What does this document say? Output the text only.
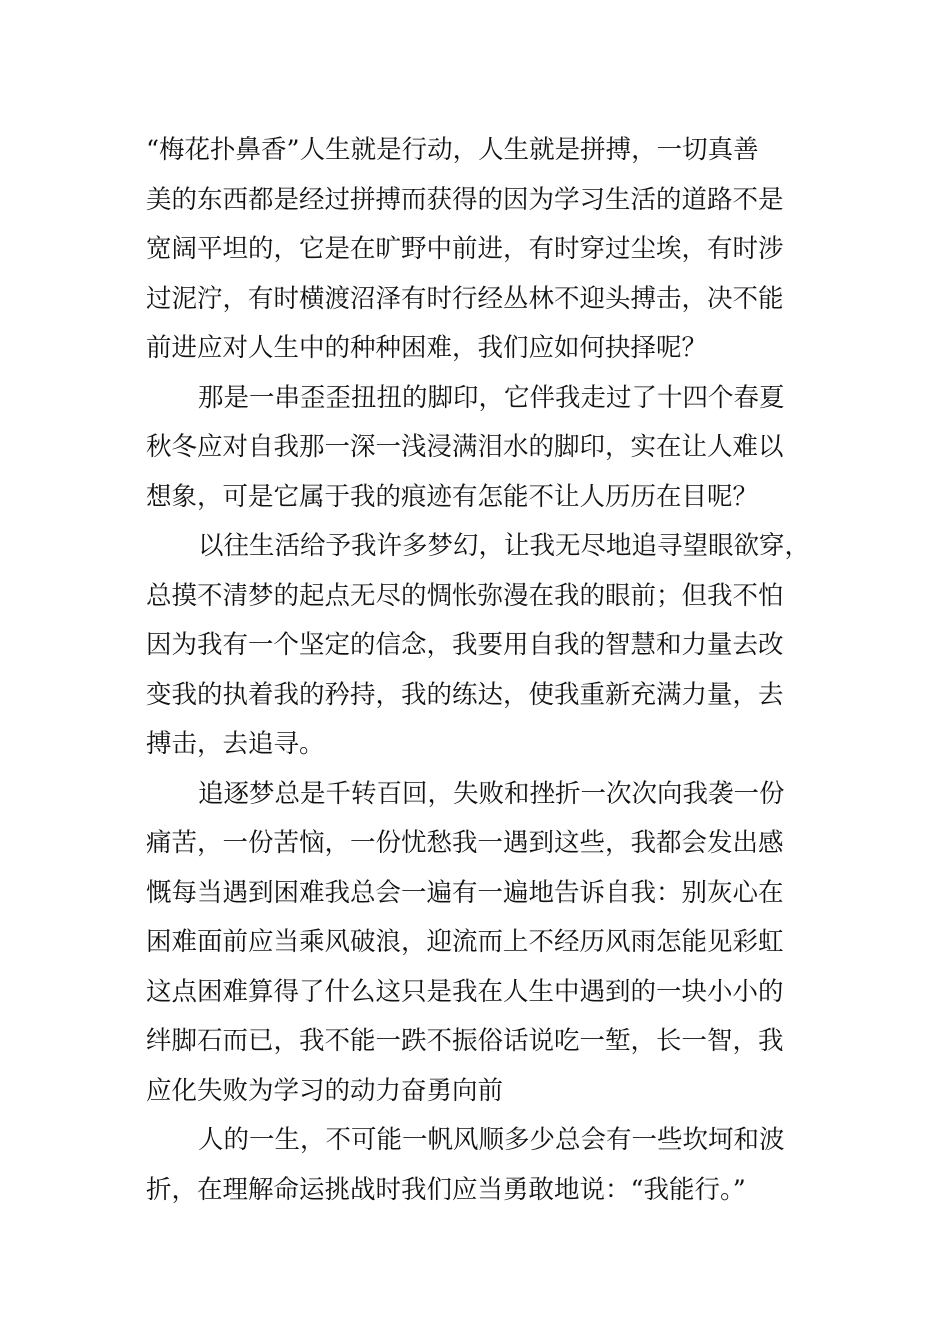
“梅花扑鼻香”人生就是行动，人生就是拼搏，一切真善
美的东西都是经过拼搏而获得的因为学习生活的道路不是
宽阔平坦的，它是在旷野中前进，有时穿过尘埃，有时涉
过泥泞，有时横渡沼泽有时行经丛林不迎头搏击，决不能
前进应对人生中的种种困难，我们应如何抉择呢？
那是一串歪歪扭扭的脚印，它伴我走过了十四个春夏
秋冬应对自我那一深一浅浸满泪水的脚印，实在让人难以
想象，可是它属于我的痕迹有怎能不让人历历在目呢？
以往生活给予我许多梦幻，让我无尽地追寻望眼欲穿，
总摸不清梦的起点无尽的惆怅弥漫在我的眼前；但我不怕
因为我有一个坚定的信念，我要用自我的智慧和力量去改
变我的执着我的矜持，我的练达，使我重新充满力量，去
搏击，去追寻。
追逐梦总是千转百回，失败和挫折一次次向我袭一份
痛苦，一份苦恼，一份忧愁我一遇到这些，我都会发出感
慨每当遇到困难我总会一遍有一遍地告诉自我：别灰心在
困难面前应当乘风破浪，迎流而上不经历风雨怎能见彩虹
这点困难算得了什么这只是我在人生中遇到的一块小小的
绊脚石而已，我不能一跌不振俗话说吃一堑，长一智，我
应化失败为学习的动力奋勇向前
人的一生，不可能一帆风顺多少总会有一些坎坷和波
折，在理解命运挑战时我们应当勇敢地说：“我能行。”
